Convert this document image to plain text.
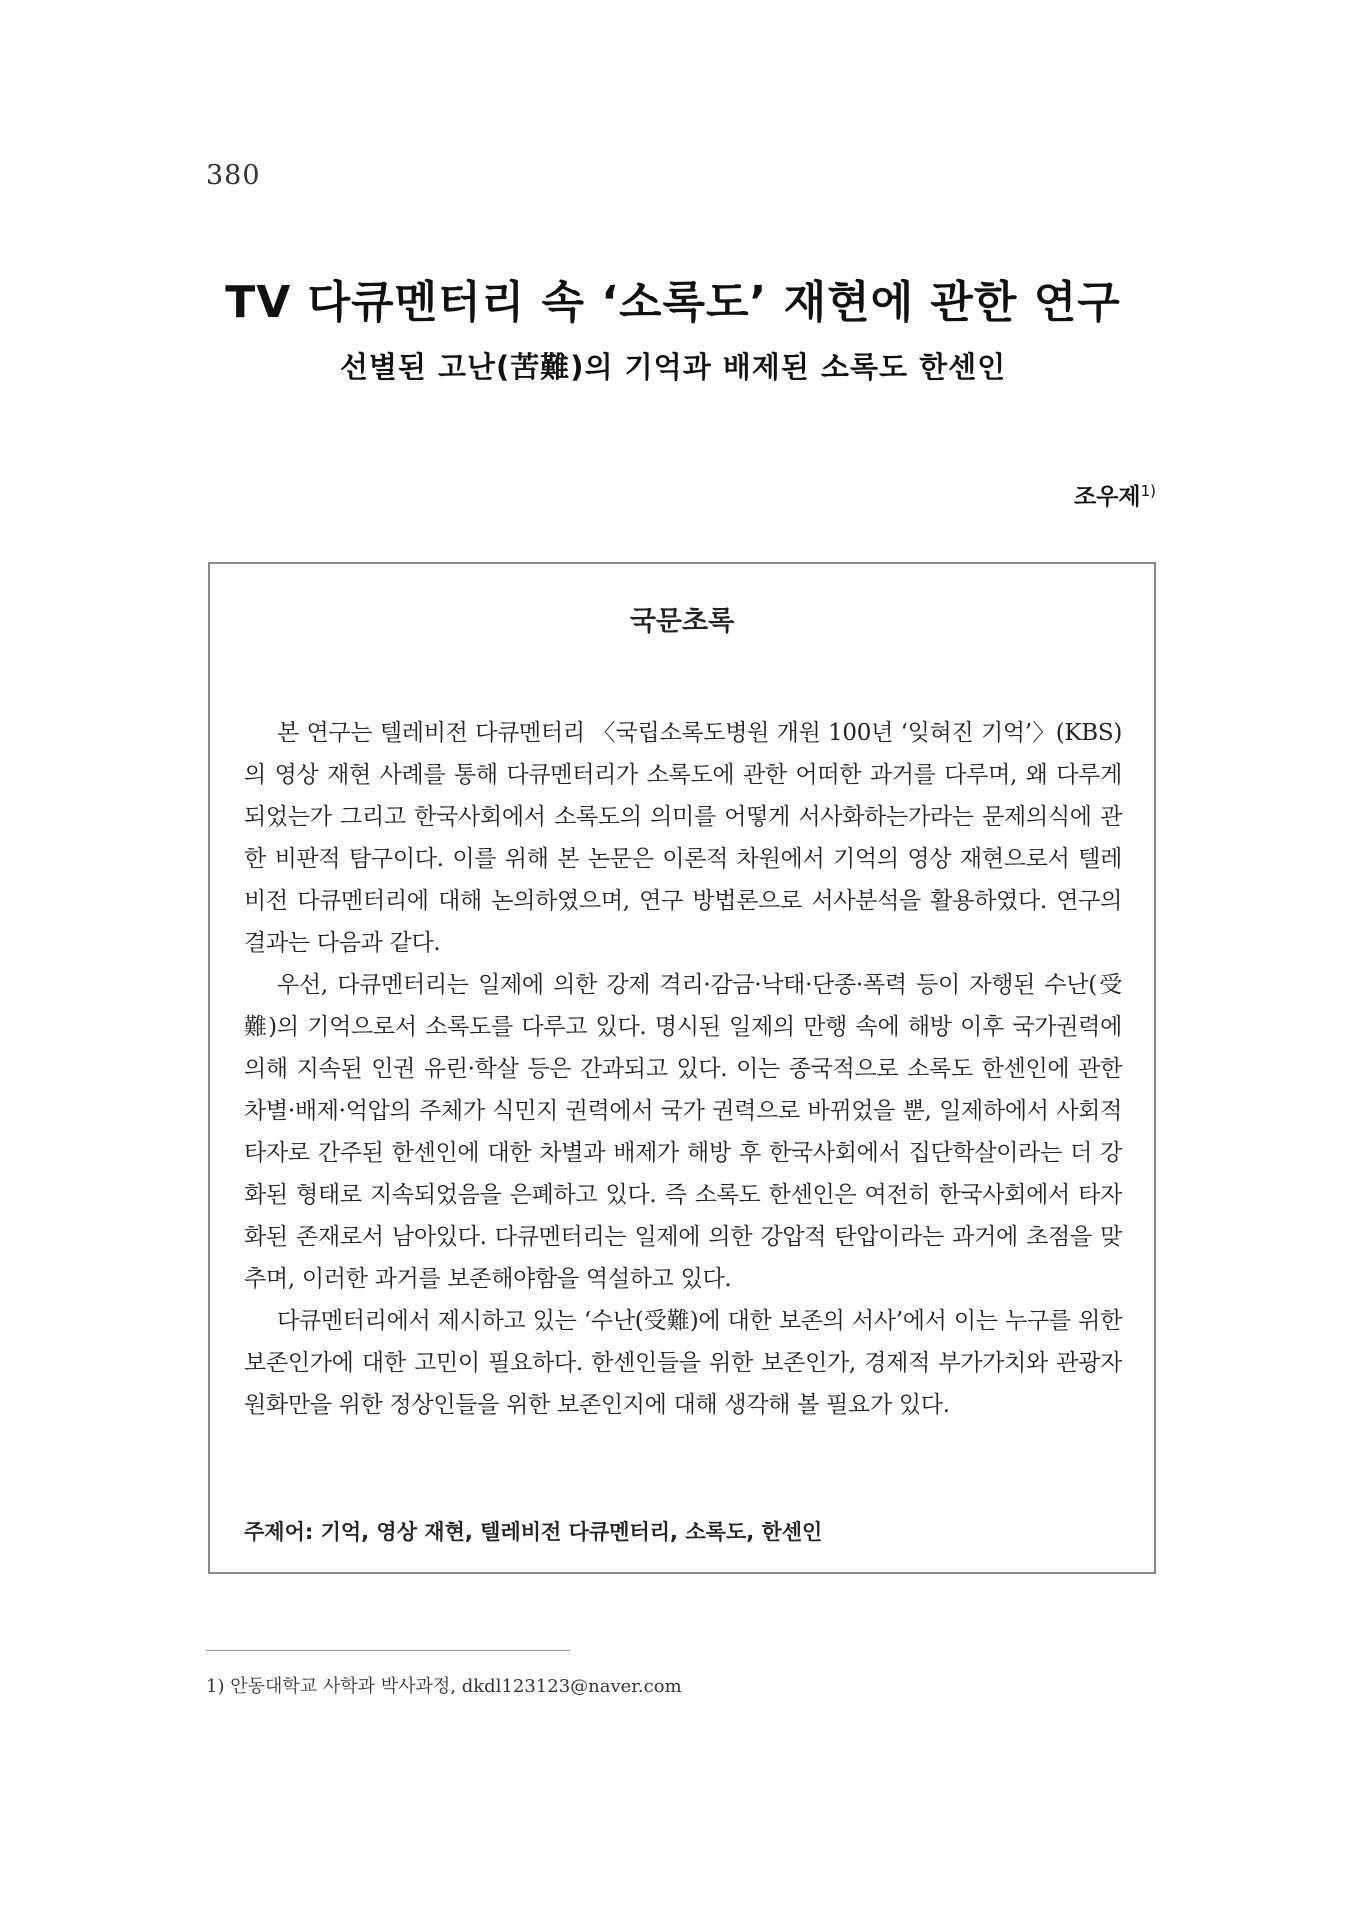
380
TV 다큐멘터리 속 ‘소록도’ 재현에 관한 연구
선별된 고난(苦難)의 기억과 배제된 소록도 한센인
조우제$^{1)}$
국문초록

본 연구는 텔레비전 다큐멘터리 〈국립소록도병원 개원 100년 ‘잊혀진 기억’〉(KBS)의 영상 재현 사례를 통해 다큐멘터리가 소록도에 관한 어떠한 과거를 다루며, 왜 다루게 되었는가 그리고 한국사회에서 소록도의 의미를 어떻게 서사화하는가라는 문제의식에 관한 비판적 탐구이다. 이를 위해 본 논문은 이론적 차원에서 기억의 영상 재현으로서 텔레비전 다큐멘터리에 대해 논의하였으며, 연구 방법론으로 서사분석을 활용하였다. 연구의 결과는 다음과 같다.

우선, 다큐멘터리는 일제에 의한 강제 격리·감금·낙태·단종·폭력 등이 자행된 수난(受難)의 기억으로서 소록도를 다루고 있다. 명시된 일제의 만행 속에 해방 이후 국가권력에 의해 지속된 인권 유린·학살 등은 간과되고 있다. 이는 종국적으로 소록도 한센인에 관한 차별·배제·억압의 주체가 식민지 권력에서 국가 권력으로 바뀌었을 뿐, 일제하에서 사회적 타자로 간주된 한센인에 대한 차별과 배제가 해방 후 한국사회에서 집단학살이라는 더 강화된 형태로 지속되었음을 은폐하고 있다. 즉 소록도 한센인은 여전히 한국사회에서 타자화된 존재로서 남아있다. 다큐멘터리는 일제에 의한 강압적 탄압이라는 과거에 초점을 맞추며, 이러한 과거를 보존해야함을 역설하고 있다.

다큐멘터리에서 제시하고 있는 ‘수난(受難)에 대한 보존의 서사’에서 이는 누구를 위한 보존인가에 대한 고민이 필요하다. 한센인들을 위한 보존인가, 경제적 부가가치와 관광자원화만을 위한 정상인들을 위한 보존인지에 대해 생각해 볼 필요가 있다.

주제어: 기억, 영상 재현, 텔레비전 다큐멘터리, 소록도, 한센인
1) 안동대학교 사학과 박사과정, dkdl123123@naver.com
